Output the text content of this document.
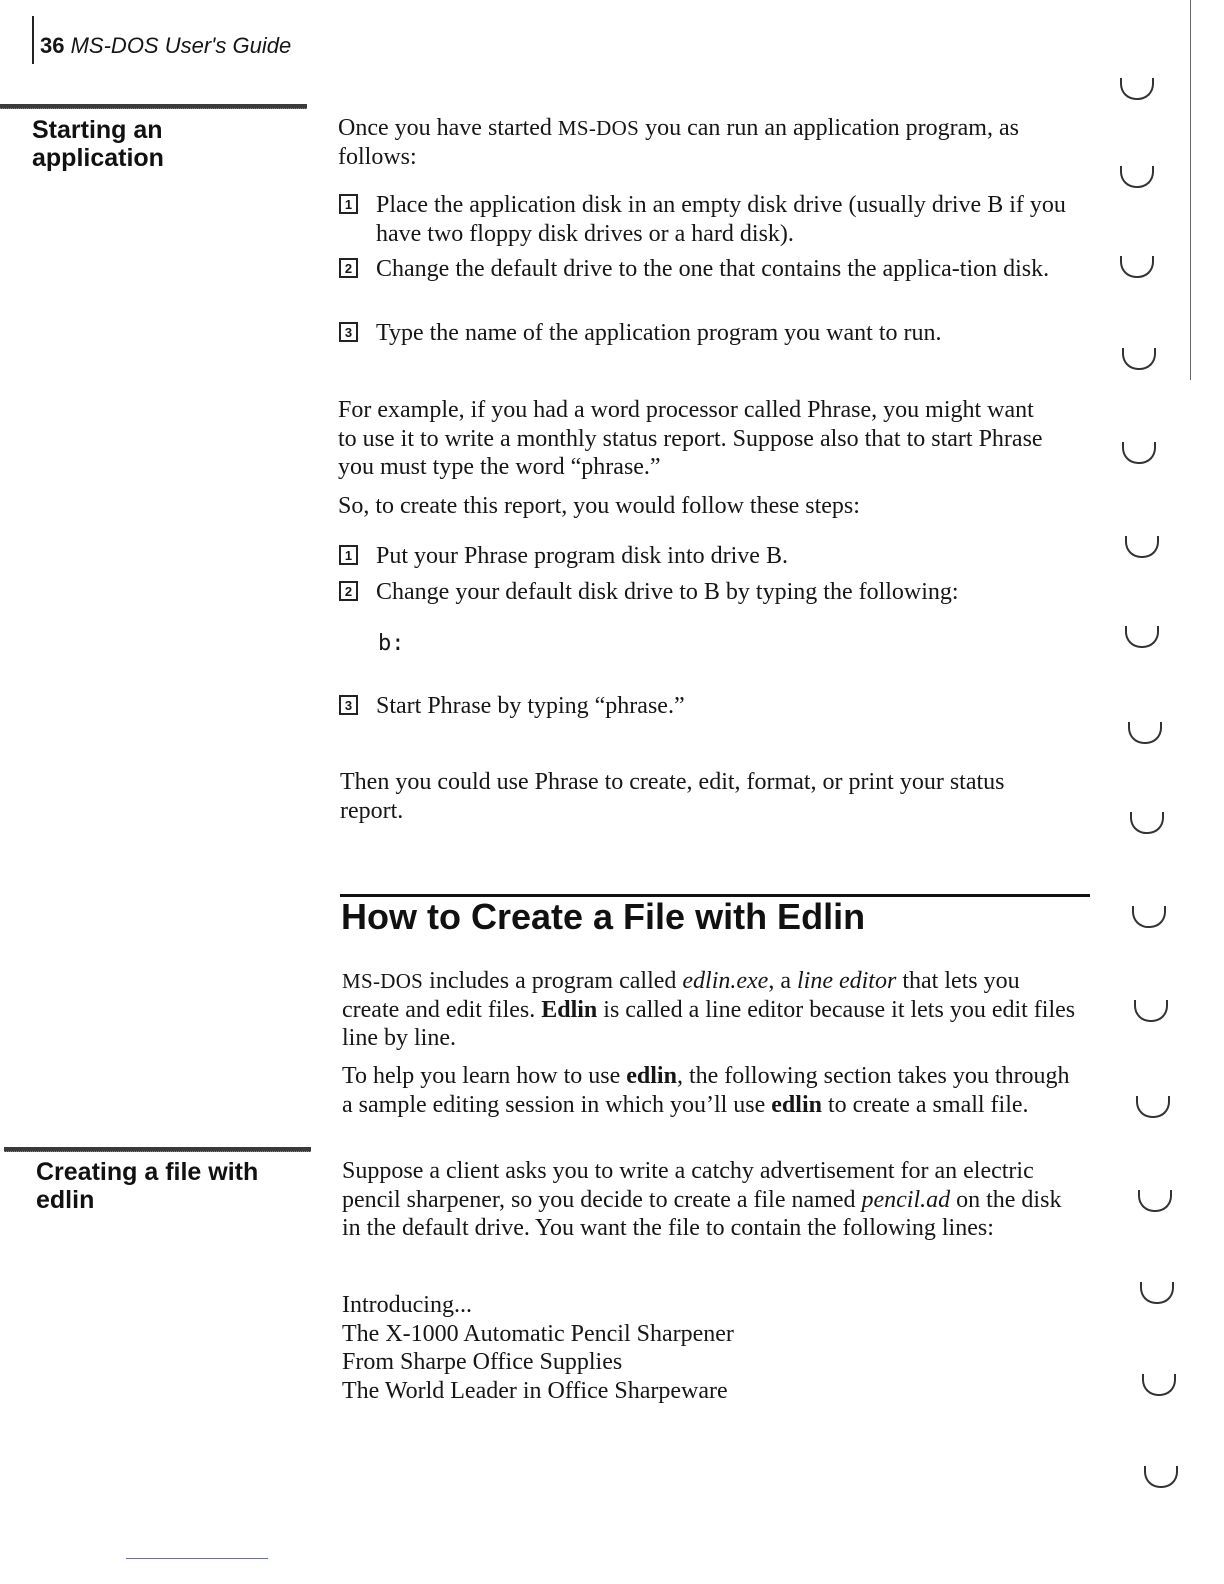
36 MS-DOS User's Guide
Starting an application
Once you have started MS-DOS you can run an application program, as follows:
1 Place the application disk in an empty disk drive (usually drive B if you have two floppy disk drives or a hard disk).
2 Change the default drive to the one that contains the applica-tion disk.
3 Type the name of the application program you want to run.
For example, if you had a word processor called Phrase, you might want to use it to write a monthly status report. Suppose also that to start Phrase you must type the word “phrase.”
So, to create this report, you would follow these steps:
1 Put your Phrase program disk into drive B.
2 Change your default disk drive to B by typing the following:
b:
3 Start Phrase by typing “phrase.”
Then you could use Phrase to create, edit, format, or print your status report.
How to Create a File with Edlin
MS-DOS includes a program called edlin.exe, a line editor that lets you create and edit files. Edlin is called a line editor because it lets you edit files line by line.
To help you learn how to use edlin, the following section takes you through a sample editing session in which you’ll use edlin to create a small file.
Creating a file with edlin
Suppose a client asks you to write a catchy advertisement for an electric pencil sharpener, so you decide to create a file named pencil.ad on the disk in the default drive. You want the file to contain the following lines:
Introducing...
The X-1000 Automatic Pencil Sharpener
From Sharpe Office Supplies
The World Leader in Office Sharpeware
